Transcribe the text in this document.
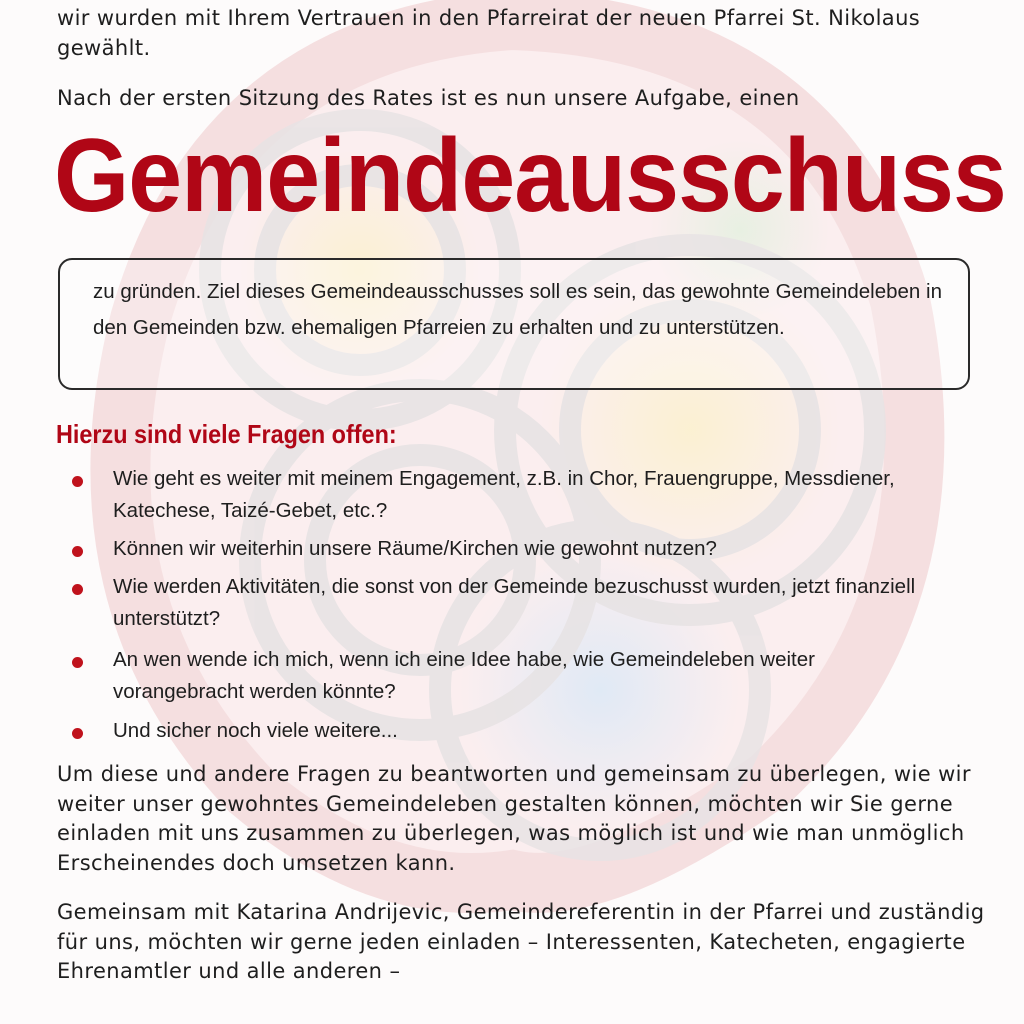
wir wurden mit Ihrem Vertrauen in den Pfarreirat der neuen Pfarrei St. Nikolaus gewählt.

Nach der ersten Sitzung des Rates ist es nun unsere Aufgabe, einen

Gemeindeausschuss

zu gründen. Ziel dieses Gemeindeausschusses soll es sein, das gewohnte Gemeindeleben in den Gemeinden bzw. ehemaligen Pfarreien zu erhalten und zu unterstützen.

Hierzu sind viele Fragen offen:
Wie geht es weiter mit meinem Engagement, z.B. in Chor, Frauengruppe, Messdiener, Katechese, Taizé-Gebet, etc.?
Können wir weiterhin unsere Räume/Kirchen wie gewohnt nutzen?
Wie werden Aktivitäten, die sonst von der Gemeinde bezuschusst wurden, jetzt finanziell unterstützt?
An wen wende ich mich, wenn ich eine Idee habe, wie Gemeindeleben weiter vorangebracht werden könnte?
Und sicher noch viele weitere...

Um diese und andere Fragen zu beantworten und gemeinsam zu überlegen, wie wir weiter unser gewohntes Gemeindeleben gestalten können, möchten wir Sie gerne einladen mit uns zusammen zu überlegen, was möglich ist und wie man unmöglich Erscheinendes doch umsetzen kann.

Gemeinsam mit Katarina Andrijevic, Gemeindereferentin in der Pfarrei und zuständig für uns, möchten wir gerne jeden einladen – Interessenten, Katecheten, engagierte Ehrenamtler und alle anderen –
